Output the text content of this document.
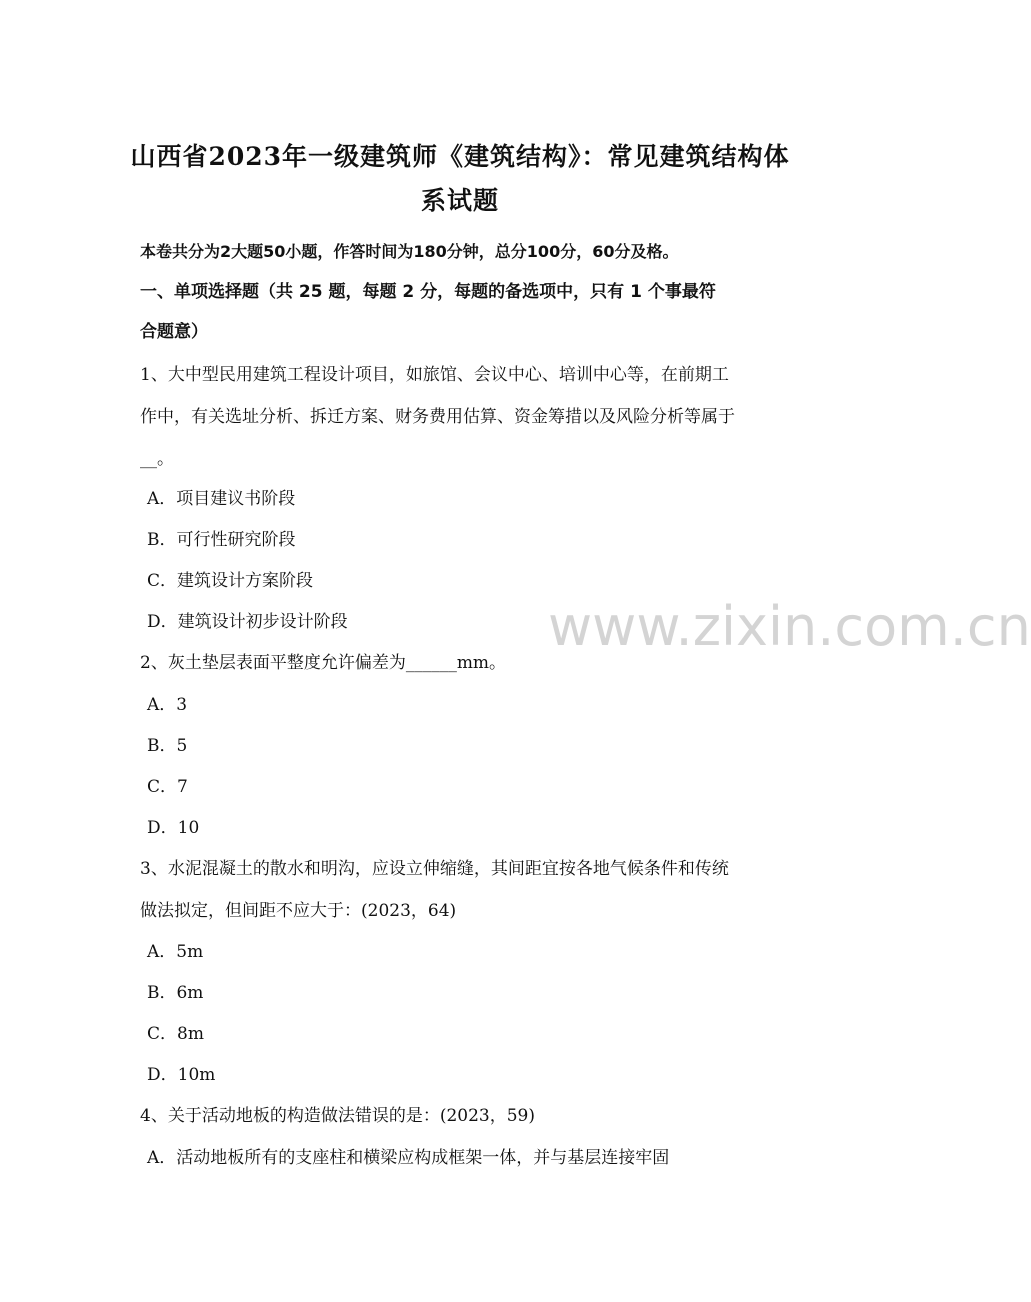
山西省2023年一级建筑师《建筑结构》：常见建筑结构体
系试题
本卷共分为2大题50小题，作答时间为180分钟，总分100分，60分及格。
一、单项选择题（共 25 题，每题 2 分，每题的备选项中，只有 1 个事最符
合题意）
1、大中型民用建筑工程设计项目，如旅馆、会议中心、培训中心等，在前期工
作中，有关选址分析、拆迁方案、财务费用估算、资金筹措以及风险分析等属于
__。
A．项目建议书阶段
B．可行性研究阶段
C．建筑设计方案阶段
D．建筑设计初步设计阶段
2、灰土垫层表面平整度允许偏差为______mm。
A．3
B．5
C．7
D．10
3、水泥混凝土的散水和明沟，应设立伸缩缝，其间距宜按各地气候条件和传统
做法拟定，但间距不应大于：(2023，64)
A．5m
B．6m
C．8m
D．10m
4、关于活动地板的构造做法错误的是：(2023，59)
A．活动地板所有的支座柱和横梁应构成框架一体，并与基层连接牢固
www.zixin.com.cn
